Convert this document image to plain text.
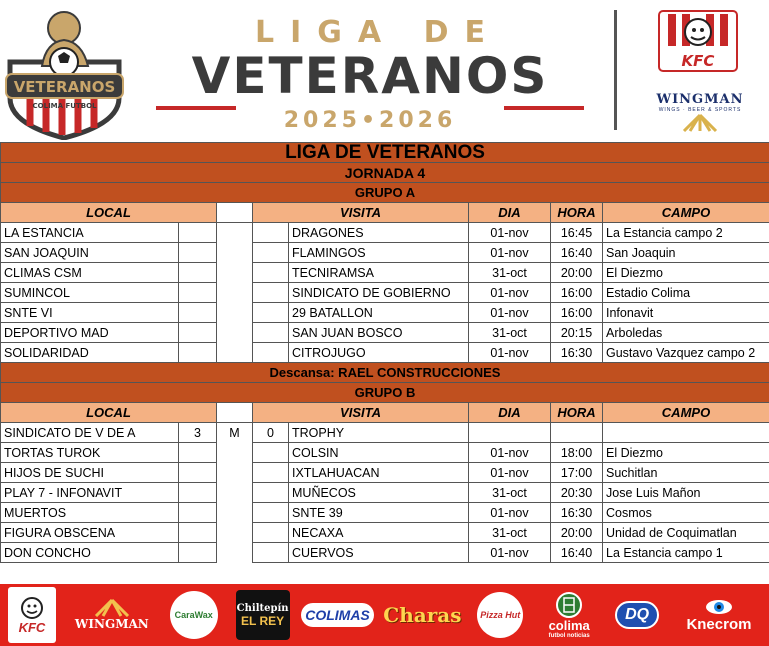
VETERANOS
COLIMA FUTBOL
LIGA DE
VETERANOS
2025•2026
KFC
WINGMAN
WINGS · BEER & SPORTS
LIGA DE VETERANOS							
JORNADA 4							
GRUPO A							
LOCAL			VISITA		DIA	HORA	CAMPO
LA ESTANCIA				DRAGONES	01-nov	16:45	La Estancia campo 2
SAN JOAQUIN				FLAMINGOS	01-nov	16:40	San Joaquin
CLIMAS CSM				TECNIRAMSA	31-oct	20:00	El Diezmo
SUMINCOL				SINDICATO DE GOBIERNO	01-nov	16:00	Estadio Colima
SNTE VI				29 BATALLON	01-nov	16:00	Infonavit
DEPORTIVO MAD				SAN JUAN BOSCO	31-oct	20:15	Arboledas
SOLIDARIDAD				CITROJUGO	01-nov	16:30	Gustavo Vazquez campo 2
Descansa: RAEL CONSTRUCCIONES							
GRUPO B							
LOCAL			VISITA		DIA	HORA	CAMPO
SINDICATO DE V DE A	3	M	0	TROPHY			
TORTAS TUROK				COLSIN	01-nov	18:00	El Diezmo
HIJOS DE SUCHI				IXTLAHUACAN	01-nov	17:00	Suchitlan
PLAY 7 - INFONAVIT				MUÑECOS	31-oct	20:30	Jose Luis Mañon
MUERTOS				SNTE 39	01-nov	16:30	Cosmos
FIGURA OBSCENA				NECAXA	31-oct	20:00	Unidad de Coquimatlan
DON CONCHO				CUERVOS	01-nov	16:40	La Estancia campo 1
KFC WINGMAN
CaraWax
Chiltepín
EL REY COLIMAS Charas	Pizza Hut
colima
futbol noticias
DQ
Knecrom
